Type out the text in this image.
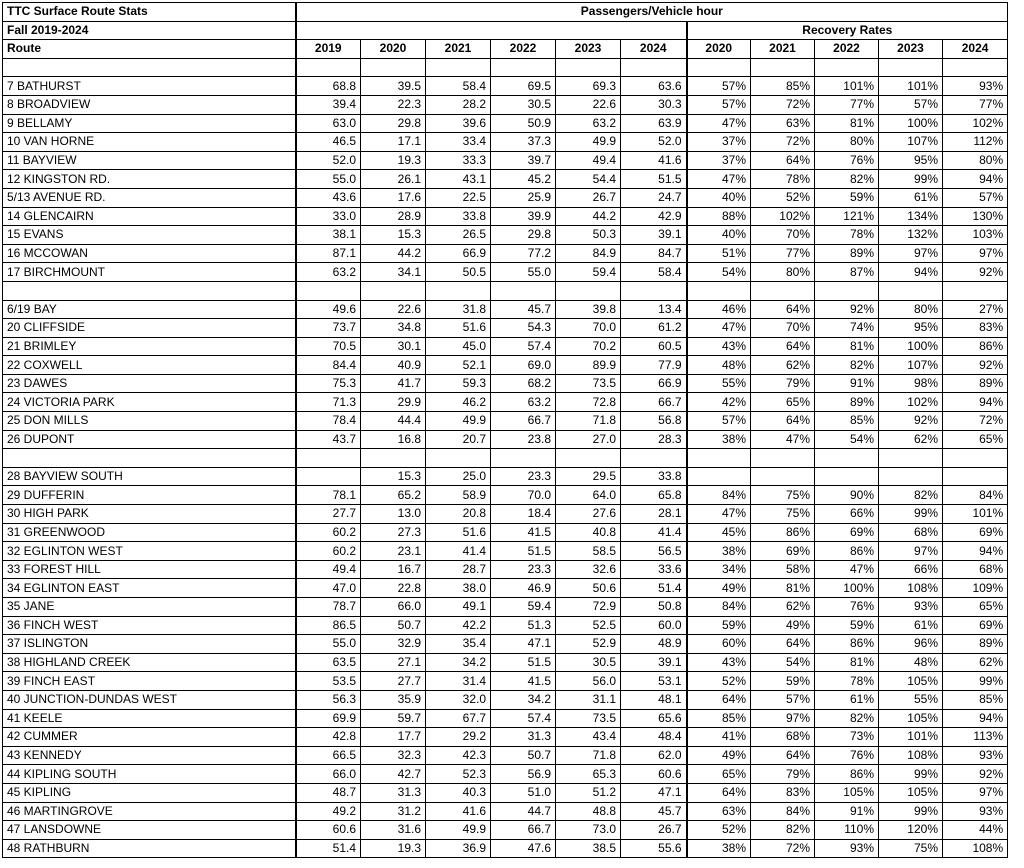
TTC Surface Route Stats	Passengers/Vehicle hour										
Fall 2019-2024							Recovery Rates				
Route	2019	2020	2021	2022	2023	2024	2020	2021	2022	2023	2024

7 BATHURST	68.8	39.5	58.4	69.5	69.3	63.6	57%	85%	101%	101%	93%
8 BROADVIEW	39.4	22.3	28.2	30.5	22.6	30.3	57%	72%	77%	57%	77%
9 BELLAMY	63.0	29.8	39.6	50.9	63.2	63.9	47%	63%	81%	100%	102%
10 VAN HORNE	46.5	17.1	33.4	37.3	49.9	52.0	37%	72%	80%	107%	112%
11 BAYVIEW	52.0	19.3	33.3	39.7	49.4	41.6	37%	64%	76%	95%	80%
12 KINGSTON RD.	55.0	26.1	43.1	45.2	54.4	51.5	47%	78%	82%	99%	94%
5/13 AVENUE RD.	43.6	17.6	22.5	25.9	26.7	24.7	40%	52%	59%	61%	57%
14 GLENCAIRN	33.0	28.9	33.8	39.9	44.2	42.9	88%	102%	121%	134%	130%
15 EVANS	38.1	15.3	26.5	29.8	50.3	39.1	40%	70%	78%	132%	103%
16 MCCOWAN	87.1	44.2	66.9	77.2	84.9	84.7	51%	77%	89%	97%	97%
17 BIRCHMOUNT	63.2	34.1	50.5	55.0	59.4	58.4	54%	80%	87%	94%	92%

6/19 BAY	49.6	22.6	31.8	45.7	39.8	13.4	46%	64%	92%	80%	27%
20 CLIFFSIDE	73.7	34.8	51.6	54.3	70.0	61.2	47%	70%	74%	95%	83%
21 BRIMLEY	70.5	30.1	45.0	57.4	70.2	60.5	43%	64%	81%	100%	86%
22 COXWELL	84.4	40.9	52.1	69.0	89.9	77.9	48%	62%	82%	107%	92%
23 DAWES	75.3	41.7	59.3	68.2	73.5	66.9	55%	79%	91%	98%	89%
24 VICTORIA PARK	71.3	29.9	46.2	63.2	72.8	66.7	42%	65%	89%	102%	94%
25 DON MILLS	78.4	44.4	49.9	66.7	71.8	56.8	57%	64%	85%	92%	72%
26 DUPONT	43.7	16.8	20.7	23.8	27.0	28.3	38%	47%	54%	62%	65%

28 BAYVIEW SOUTH		15.3	25.0	23.3	29.5	33.8					
29 DUFFERIN	78.1	65.2	58.9	70.0	64.0	65.8	84%	75%	90%	82%	84%
30 HIGH PARK	27.7	13.0	20.8	18.4	27.6	28.1	47%	75%	66%	99%	101%
31 GREENWOOD	60.2	27.3	51.6	41.5	40.8	41.4	45%	86%	69%	68%	69%
32 EGLINTON WEST	60.2	23.1	41.4	51.5	58.5	56.5	38%	69%	86%	97%	94%
33 FOREST HILL	49.4	16.7	28.7	23.3	32.6	33.6	34%	58%	47%	66%	68%
34 EGLINTON EAST	47.0	22.8	38.0	46.9	50.6	51.4	49%	81%	100%	108%	109%
35 JANE	78.7	66.0	49.1	59.4	72.9	50.8	84%	62%	76%	93%	65%
36 FINCH WEST	86.5	50.7	42.2	51.3	52.5	60.0	59%	49%	59%	61%	69%
37 ISLINGTON	55.0	32.9	35.4	47.1	52.9	48.9	60%	64%	86%	96%	89%
38 HIGHLAND CREEK	63.5	27.1	34.2	51.5	30.5	39.1	43%	54%	81%	48%	62%
39 FINCH EAST	53.5	27.7	31.4	41.5	56.0	53.1	52%	59%	78%	105%	99%
40 JUNCTION-DUNDAS WEST	56.3	35.9	32.0	34.2	31.1	48.1	64%	57%	61%	55%	85%
41 KEELE	69.9	59.7	67.7	57.4	73.5	65.6	85%	97%	82%	105%	94%
42 CUMMER	42.8	17.7	29.2	31.3	43.4	48.4	41%	68%	73%	101%	113%
43 KENNEDY	66.5	32.3	42.3	50.7	71.8	62.0	49%	64%	76%	108%	93%
44 KIPLING SOUTH	66.0	42.7	52.3	56.9	65.3	60.6	65%	79%	86%	99%	92%
45 KIPLING	48.7	31.3	40.3	51.0	51.2	47.1	64%	83%	105%	105%	97%
46 MARTINGROVE	49.2	31.2	41.6	44.7	48.8	45.7	63%	84%	91%	99%	93%
47 LANSDOWNE	60.6	31.6	49.9	66.7	73.0	26.7	52%	82%	110%	120%	44%
48 RATHBURN	51.4	19.3	36.9	47.6	38.5	55.6	38%	72%	93%	75%	108%
